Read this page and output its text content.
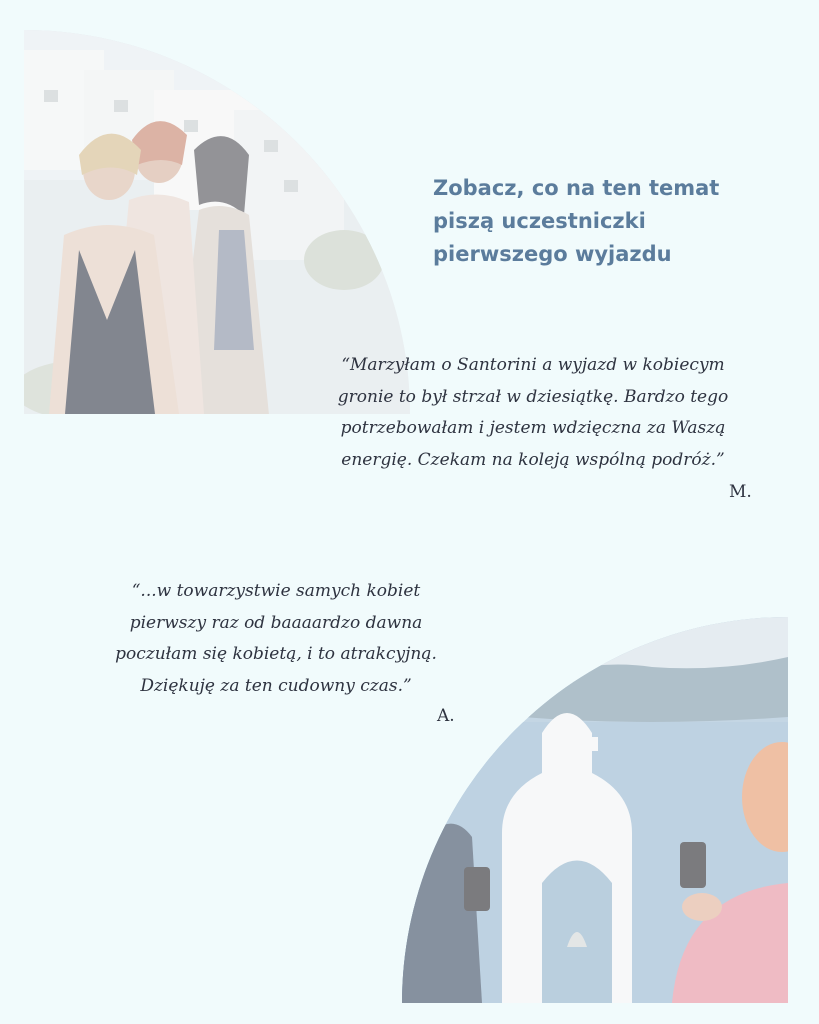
Zobacz, co na ten temat
piszą uczestniczki
pierwszego wyjazdu

“Marzyłam o Santorini a wyjazd w kobiecym
gronie to był strzał w dziesiątkę. Bardzo tego
potrzebowałam i jestem wdzięczna za Waszą
energię. Czekam na koleją wspólną podróż.”

M.

“...w towarzystwie samych kobiet
pierwszy raz od baaaardzo dawna
poczułam się kobietą, i to atrakcyjną.
Dziękuję za ten cudowny czas.”

A.
